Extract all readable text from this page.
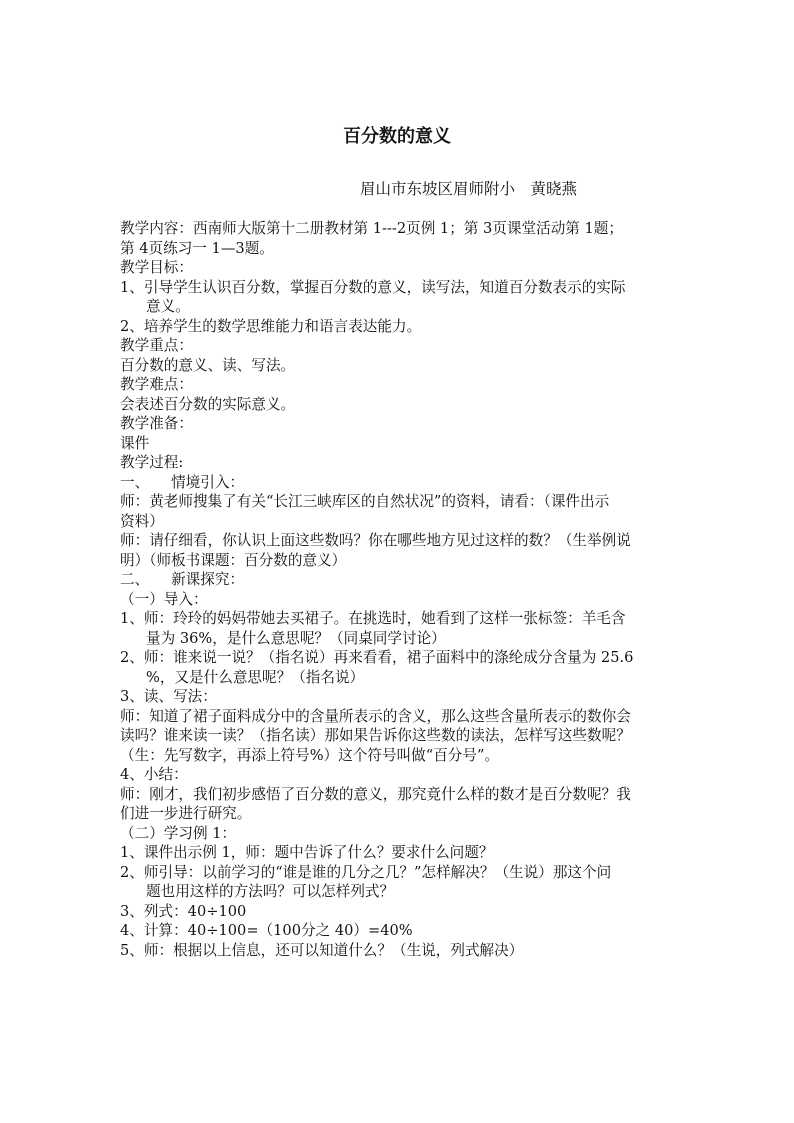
百分数的意义
眉山市东坡区眉师附小　黄晓燕
教学内容：西南师大版第十二册教材第 1---2页例 1；第 3页课堂活动第 1题；
第 4页练习一 1—3题。
教学目标：
1、引导学生认识百分数，掌握百分数的意义，读写法，知道百分数表示的实际
意义。
2、培养学生的数学思维能力和语言表达能力。
教学重点：
百分数的意义、读、写法。
教学难点：
会表述百分数的实际意义。
教学准备：
课件
教学过程:
一、　　情境引入：
师：黄老师搜集了有关“长江三峡库区的自然状况”的资料，请看：（课件出示
资料）
师：请仔细看，你认识上面这些数吗？你在哪些地方见过这样的数？（生举例说
明）（师板书课题：百分数的意义）
二、　　新课探究：
（一）导入：
1、师：玲玲的妈妈带她去买裙子。在挑选时，她看到了这样一张标签：羊毛含
量为 36%，是什么意思呢？（同桌同学讨论）
2、师：谁来说一说？（指名说）再来看看，裙子面料中的涤纶成分含量为 25.6
%，又是什么意思呢？（指名说）
3、读、写法：
师：知道了裙子面料成分中的含量所表示的含义，那么这些含量所表示的数你会
读吗？谁来读一读？（指名读）那如果告诉你这些数的读法，怎样写这些数呢？
（生：先写数字，再添上符号%）这个符号叫做“百分号”。
4、小结：
师：刚才，我们初步感悟了百分数的意义，那究竟什么样的数才是百分数呢？我
们进一步进行研究。
（二）学习例 1：
1、课件出示例 1，师：题中告诉了什么？要求什么问题？
2、师引导：以前学习的“谁是谁的几分之几？”怎样解决？（生说）那这个问
题也用这样的方法吗？可以怎样列式？
3、列式：40÷100
4、计算：40÷100=（100分之 40）=40%
5、师：根据以上信息，还可以知道什么？（生说，列式解决）
